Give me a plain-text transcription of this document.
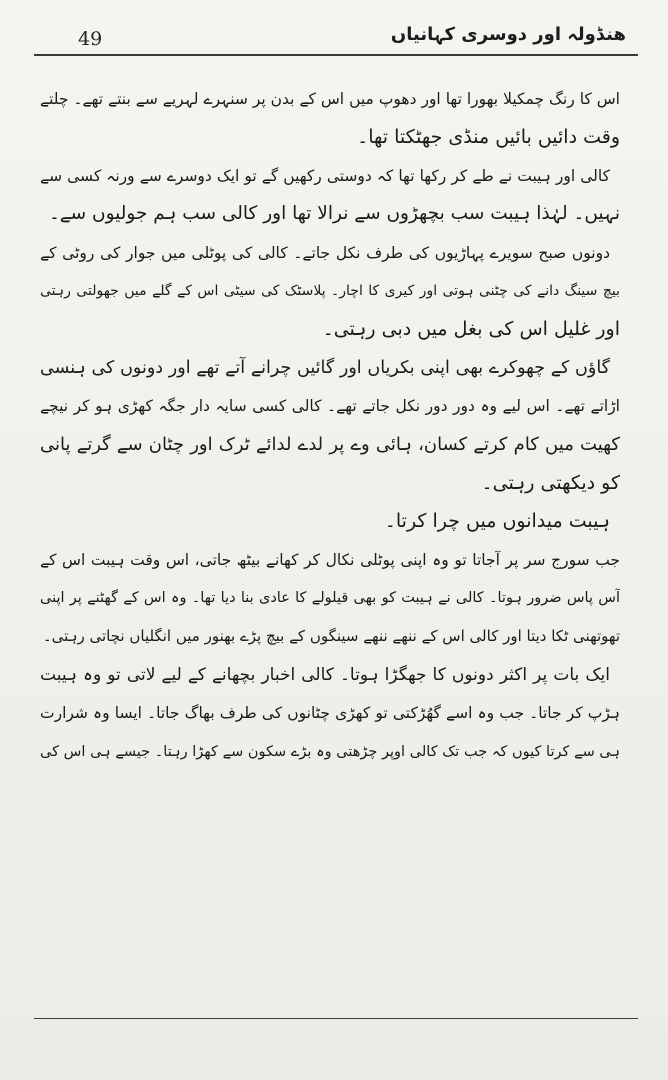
49	ھنڈولہ اور دوسری کہانیاں
اس کا رنگ چمکیلا بھورا تھا اور دھوپ میں اس کے بدن پر سنہرے لہریے سے بنتے تھے۔ چلتے
وقت دائیں بائیں منڈی جھٹکتا تھا۔
کالی اور ہیبت نے طے کر رکھا تھا کہ دوستی رکھیں گے تو ایک دوسرے سے ورنہ کسی سے
نہیں۔ لہٰذا ہیبت سب بچھڑوں سے نرالا تھا اور کالی سب ہم جولیوں سے۔
دونوں صبح سویرے پہاڑیوں کی طرف نکل جاتے۔ کالی کی پوٹلی میں جوار کی روٹی کے
بیچ سینگ دانے کی چٹنی ہوتی اور کیری کا اچار۔ پلاسٹک کی سیٹی اس کے گلے میں جھولتی رہتی
اور غلیل اس کی بغل میں دبی رہتی۔
گاؤں کے چھوکرے بھی اپنی بکریاں اور گائیں چرانے آتے تھے اور دونوں کی ہنسی
اڑاتے تھے۔ اس لیے وہ دور دور نکل جاتے تھے۔ کالی کسی سایہ دار جگہ کھڑی ہو کر نیچے
کھیت میں کام کرتے کسان، ہائی وے پر لدے لدائے ٹرک اور چٹان سے گرتے پانی
کو دیکھتی رہتی۔
ہیبت میدانوں میں چرا کرتا۔
جب سورج سر پر آجاتا تو وہ اپنی پوٹلی نکال کر کھانے بیٹھ جاتی، اس وقت ہیبت اس کے
آس پاس ضرور ہوتا۔ کالی نے ہیبت کو بھی قیلولے کا عادی بنا دیا تھا۔ وہ اس کے گھٹنے پر اپنی
تھوتھنی ٹکا دیتا اور کالی اس کے ننھے ننھے سینگوں کے بیچ پڑے بھنور میں انگلیاں نچاتی رہتی۔
ایک بات پر اکثر دونوں کا جھگڑا ہوتا۔ کالی اخبار بچھانے کے لیے لاتی تو وہ ہیبت
ہڑپ کر جاتا۔ جب وہ اسے گھُڑکتی تو کھڑی چٹانوں کی طرف بھاگ جاتا۔ ایسا وہ شرارت
ہی سے کرتا کیوں کہ جب تک کالی اوپر چڑھتی وہ بڑے سکون سے کھڑا رہتا۔ جیسے ہی اس کی
